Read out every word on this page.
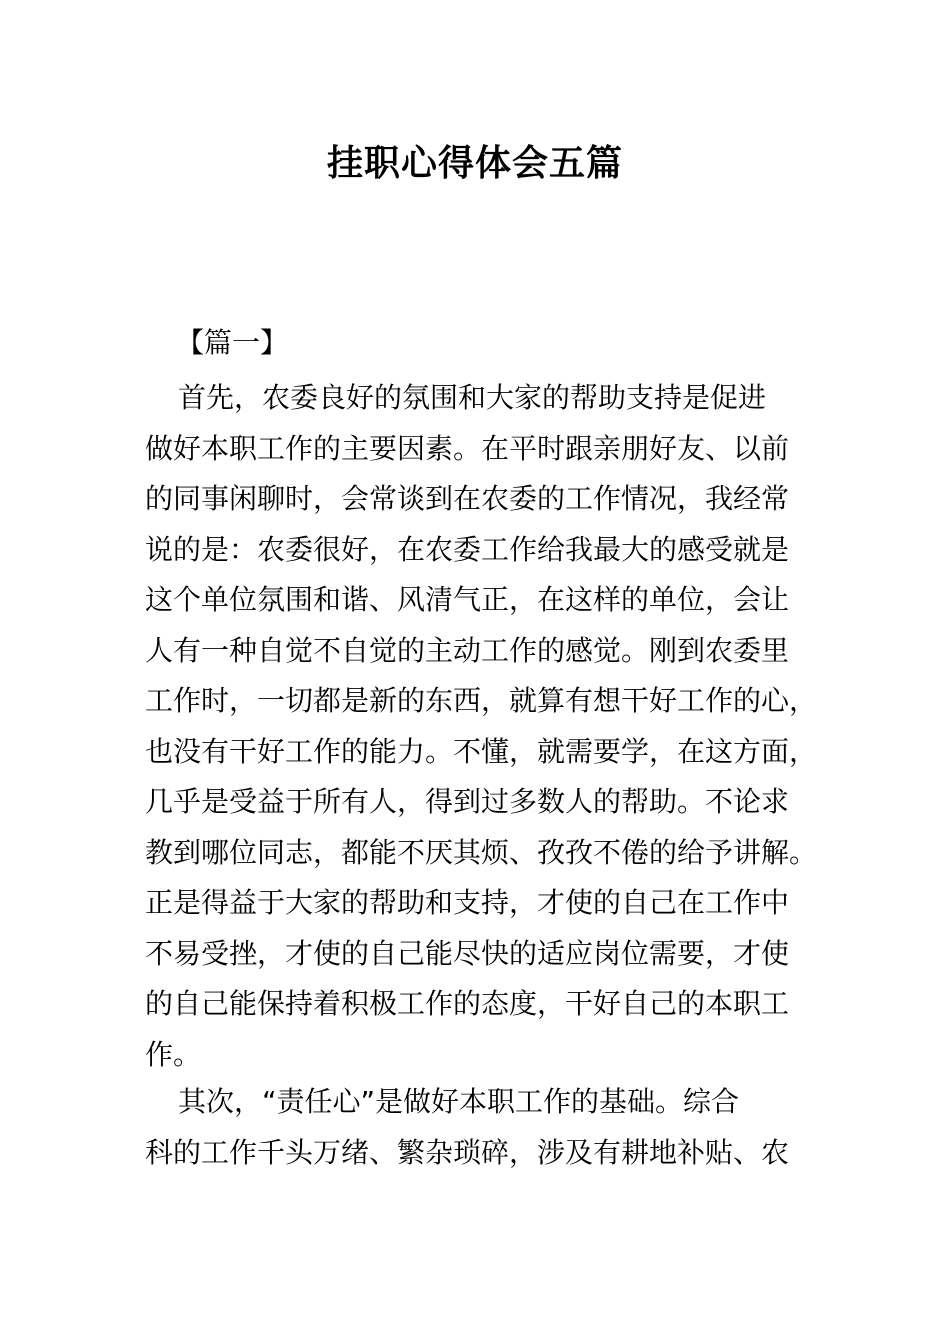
挂职心得体会五篇
【篇一】
首先，农委良好的氛围和大家的帮助支持是促进
做好本职工作的主要因素。在平时跟亲朋好友、以前
的同事闲聊时，会常谈到在农委的工作情况，我经常
说的是：农委很好，在农委工作给我最大的感受就是
这个单位氛围和谐、风清气正，在这样的单位，会让
人有一种自觉不自觉的主动工作的感觉。刚到农委里
工作时，一切都是新的东西，就算有想干好工作的心，
也没有干好工作的能力。不懂，就需要学，在这方面，
几乎是受益于所有人，得到过多数人的帮助。不论求
教到哪位同志，都能不厌其烦、孜孜不倦的给予讲解。
正是得益于大家的帮助和支持，才使的自己在工作中
不易受挫，才使的自己能尽快的适应岗位需要，才使
的自己能保持着积极工作的态度，干好自己的本职工
作。
其次，“责任心”是做好本职工作的基础。综合
科的工作千头万绪、繁杂琐碎，涉及有耕地补贴、农
